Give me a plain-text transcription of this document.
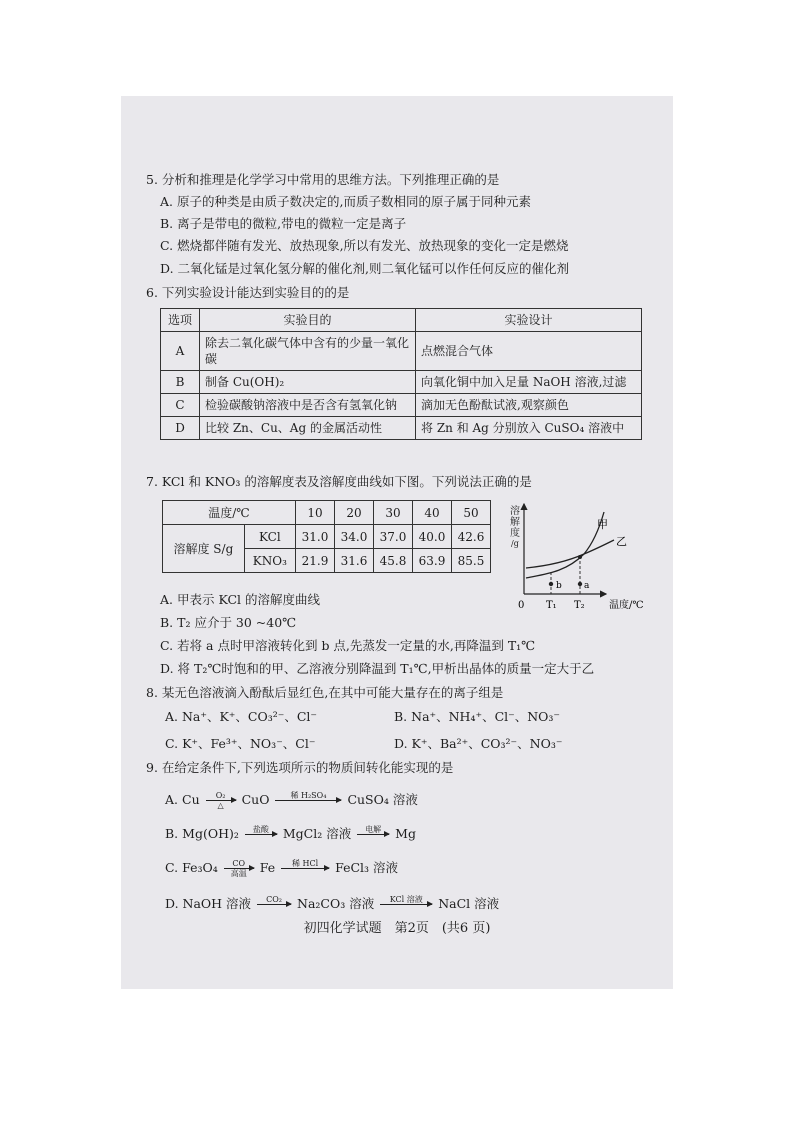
5. 分析和推理是化学学习中常用的思维方法。下列推理正确的是
A. 原子的种类是由质子数决定的,而质子数相同的原子属于同种元素
B. 离子是带电的微粒,带电的微粒一定是离子
C. 燃烧都伴随有发光、放热现象,所以有发光、放热现象的变化一定是燃烧
D. 二氧化锰是过氧化氢分解的催化剂,则二氧化锰可以作任何反应的催化剂
6. 下列实验设计能达到实验目的的是
选项	实验目的	实验设计
A	除去二氧化碳气体中含有的少量一氧化碳	点燃混合气体
B	制备 Cu(OH)₂	向氧化铜中加入足量 NaOH 溶液,过滤
C	检验碳酸钠溶液中是否含有氢氧化钠	滴加无色酚酞试液,观察颜色
D	比较 Zn、Cu、Ag 的金属活动性	将 Zn 和 Ag 分别放入 CuSO₄ 溶液中
7. KCl 和 KNO₃ 的溶解度表及溶解度曲线如下图。下列说法正确的是
温度/℃		10	20	30	40	50
溶解度 S/g	KCl	31.0	34.0	37.0	40.0	42.6
	KNO₃	21.9	31.6	45.8	63.9	85.5
溶
解
度
/g
b a
0 T₁ T₂ 温度/℃
甲
乙
A. 甲表示 KCl 的溶解度曲线
B. T₂ 应介于 30 ~40℃
C. 若将 a 点时甲溶液转化到 b 点,先蒸发一定量的水,再降温到 T₁℃
D. 将 T₂℃时饱和的甲、乙溶液分别降温到 T₁℃,甲析出晶体的质量一定大于乙
8. 某无色溶液滴入酚酞后显红色,在其中可能大量存在的离子组是
A. Na⁺、K⁺、CO₃²⁻、Cl⁻	B. Na⁺、NH₄⁺、Cl⁻、NO₃⁻
C. K⁺、Fe³⁺、NO₃⁻、Cl⁻	D. K⁺、Ba²⁺、CO₃²⁻、NO₃⁻
9. 在给定条件下,下列选项所示的物质间转化能实现的是
A. Cu	O₂
△	CuO	稀 H₂SO₄
	CuSO₄ 溶液
B. Mg(OH)₂	盐酸
	MgCl₂ 溶液	电解
	Mg
C. Fe₃O₄	CO
高温	Fe	稀 HCl
	FeCl₃ 溶液
D. NaOH 溶液	CO₂
	Na₂CO₃ 溶液	KCl 溶液
	NaCl 溶液
初四化学试题　第2页　(共6 页)
